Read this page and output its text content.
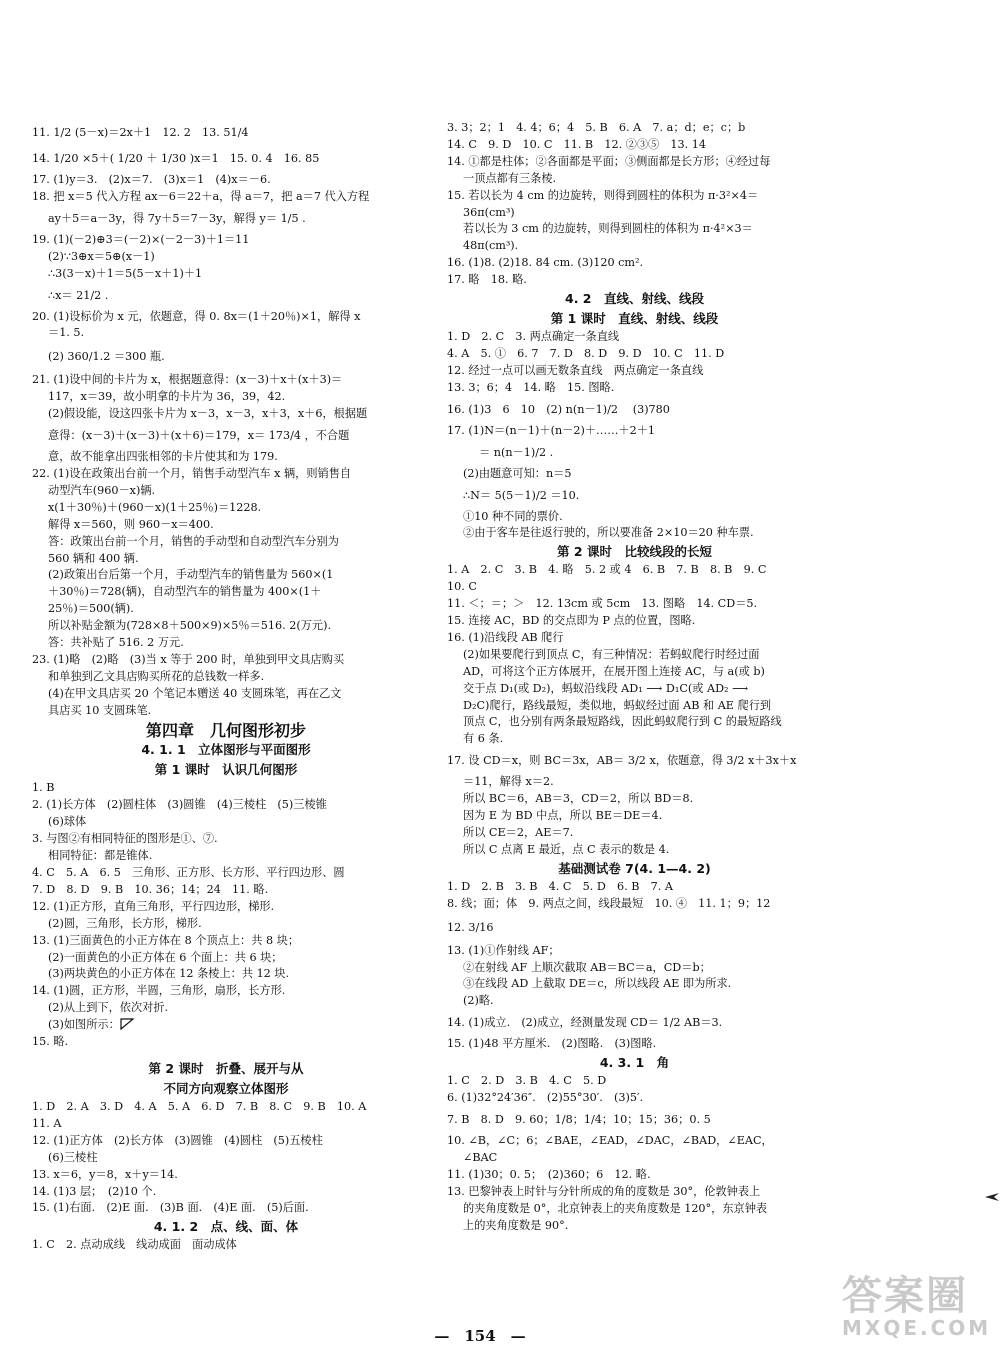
11. 1/2 (5－x)＝2x＋1　12. 2　13. 51/4
14. 1/20 ×5＋( 1/20 ＋ 1/30 )x＝1　15. 0. 4　16. 85
17. (1)y＝3.　(2)x＝7.　(3)x＝1　(4)x＝－6.
18. 把 x＝5 代入方程 ax－6＝22＋a，得 a＝7，把 a＝7 代入方程
ay＋5＝a－3y，得 7y＋5＝7－3y，解得 y＝ 1/5 .
19. (1)(－2)⊕3＝(－2)×(－2－3)＋1＝11
(2)∵3⊕x＝5⊕(x－1)
∴3(3－x)＋1＝5(5－x＋1)＋1
∴x＝ 21/2 .
20. (1)设标价为 x 元，依题意，得 0. 8x＝(1＋20％)×1，解得 x
＝1. 5.
(2) 360/1.2 ＝300 瓶.
21. (1)设中间的卡片为 x，根据题意得：(x－3)＋x＋(x＋3)＝
117，x＝39，故小明拿的卡片为 36，39，42.
(2)假设能，设这四张卡片为 x－3，x－3，x＋3，x＋6，根据题
意得：(x－3)＋(x－3)＋(x＋6)＝179，x＝ 173/4 ，不合题
意，故不能拿出四张相邻的卡片使其和为 179.
22. (1)设在政策出台前一个月，销售手动型汽车 x 辆，则销售自
动型汽车(960－x)辆.
x(1＋30％)＋(960－x)(1＋25％)＝1228.
解得 x＝560，则 960－x＝400.
答：政策出台前一个月，销售的手动型和自动型汽车分别为
560 辆和 400 辆.
(2)政策出台后第一个月，手动型汽车的销售量为 560×(1
＋30％)＝728(辆)，自动型汽车的销售量为 400×(1＋
25％)＝500(辆).
所以补贴金额为(728×8＋500×9)×5％＝516. 2(万元).
答：共补贴了 516. 2 万元.
23. (1)略　(2)略　(3)当 x 等于 200 时，单独到甲文具店购买
和单独到乙文具店购买所花的总钱数一样多.
(4)在甲文具店买 20 个笔记本赠送 40 支圆珠笔，再在乙文
具店买 10 支圆珠笔.
第四章　几何图形初步
4. 1. 1　立体图形与平面图形
第 1 课时　认识几何图形
1. B
2. (1)长方体　(2)圆柱体　(3)圆锥　(4)三棱柱　(5)三棱锥
(6)球体
3. 与图②有相同特征的图形是①、⑦.
相同特征：都是锥体.
4. C　5. A　6. 5　三角形、正方形、长方形、平行四边形、圆
7. D　8. D　9. B　10. 36；14；24　11. 略.
12. (1)正方形，直角三角形，平行四边形，梯形.
(2)圆，三角形，长方形，梯形.
13. (1)三面黄色的小正方体在 8 个顶点上：共 8 块；
(2)一面黄色的小正方体在 6 个面上：共 6 块；
(3)两块黄色的小正方体在 12 条棱上：共 12 块.
14. (1)圆，正方形，半圆，三角形，扇形，长方形.
(2)从上到下，依次对折.
(3)如图所示：
15. 略.
第 2 课时　折叠、展开与从
不同方向观察立体图形
1. D　2. A　3. D　4. A　5. A　6. D　7. B　8. C　9. B　10. A
11. A
12. (1)正方体　(2)长方体　(3)圆锥　(4)圆柱　(5)五棱柱
(6)三棱柱
13. x＝6，y＝8，x＋y＝14.
14. (1)3 层；　(2)10 个.
15. (1)右面.　(2)E 面.　(3)B 面.　(4)E 面.　(5)后面.
4. 1. 2　点、线、面、体
1. C　2. 点动成线　线动成面　面动成体
3. 3；2；1　4. 4；6；4　5. B　6. A　7. a；d；e；c；b
14. C　9. D　10. C　11. B　12. ②③⑤　13. 14
14. ①都是柱体；②各面都是平面；③侧面都是长方形；④经过每
一顶点都有三条棱.
15. 若以长为 4 cm 的边旋转，则得到圆柱的体积为 π·3²×4＝
36π(cm³)
若以长为 3 cm 的边旋转，则得到圆柱的体积为 π·4²×3＝
48π(cm³).
16. (1)8. (2)18. 84 cm. (3)120 cm².
17. 略　18. 略.
4. 2　直线、射线、线段
第 1 课时　直线、射线、线段
1. D　2. C　3. 两点确定一条直线
4. A　5. ①　6. 7　7. D　8. D　9. D　10. C　11. D
12. 经过一点可以画无数条直线　两点确定一条直线
13. 3；6；4　14. 略　15. 图略.
16. (1)3　6　10　(2) n(n－1)/2 　(3)780
17. (1)N＝(n－1)＋(n－2)＋……＋2＋1
＝ n(n－1)/2 .
(2)由题意可知：n＝5
∴N＝ 5(5－1)/2 ＝10.
①10 种不同的票价.
②由于客车是往返行驶的，所以要准备 2×10＝20 种车票.
第 2 课时　比较线段的长短
1. A　2. C　3. B　4. 略　5. 2 或 4　6. B　7. B　8. B　9. C
10. C
11. ＜；＝；＞　12. 13cm 或 5cm　13. 图略　14. CD＝5.
15. 连接 AC，BD 的交点即为 P 点的位置，图略.
16. (1)沿线段 AB 爬行
(2)如果要爬行到顶点 C，有三种情况：若蚂蚁爬行时经过面
AD，可将这个正方体展开，在展开图上连接 AC，与 a(或 b)
交于点 D₁(或 D₂)，蚂蚁沿线段 AD₁ ⟶ D₁C(或 AD₂ ⟶
D₂C)爬行，路线最短，类似地，蚂蚁经过面 AB 和 AE 爬行到
顶点 C，也分别有两条最短路线，因此蚂蚁爬行到 C 的最短路线
有 6 条.
17. 设 CD＝x，则 BC＝3x，AB＝ 3/2 x，依题意，得 3/2 x＋3x＋x
＝11，解得 x＝2.
所以 BC＝6，AB＝3，CD＝2，所以 BD＝8.
因为 E 为 BD 中点，所以 BE＝DE＝4.
所以 CE＝2，AE＝7.
所以 C 点离 E 最近，点 C 表示的数是 4.
基础测试卷 7(4. 1—4. 2)
1. D　2. B　3. B　4. C　5. D　6. B　7. A
8. 线；面；体　9. 两点之间，线段最短　10. ④　11. 1；9；12
12. 3/16
13. (1)①作射线 AF；
②在射线 AF 上顺次截取 AB＝BC＝a，CD＝b；
③在线段 AD 上截取 DE＝c，所以线段 AE 即为所求.
(2)略.
14. (1)成立.　(2)成立，经测量发现 CD＝ 1/2 AB＝3.
15. (1)48 平方厘米.　(2)图略.　(3)图略.
4. 3. 1　角
1. C　2. D　3. B　4. C　5. D
6. (1)32°24′36″.　(2)55°30′.　(3)5′.
7. B　8. D　9. 60；1/8；1/4；10；15；36；0. 5
10. ∠B，∠C；6；∠BAE，∠EAD，∠DAC，∠BAD，∠EAC，
∠BAC
11. (1)30；0. 5；　(2)360；6　12. 略.
13. 巴黎钟表上时针与分针所成的角的度数是 30°，伦敦钟表上
的夹角度数是 0°，北京钟表上的夹角度数是 120°，东京钟表
上的夹角度数是 90°.
—　154　—
答案圈
MXQE.COM
